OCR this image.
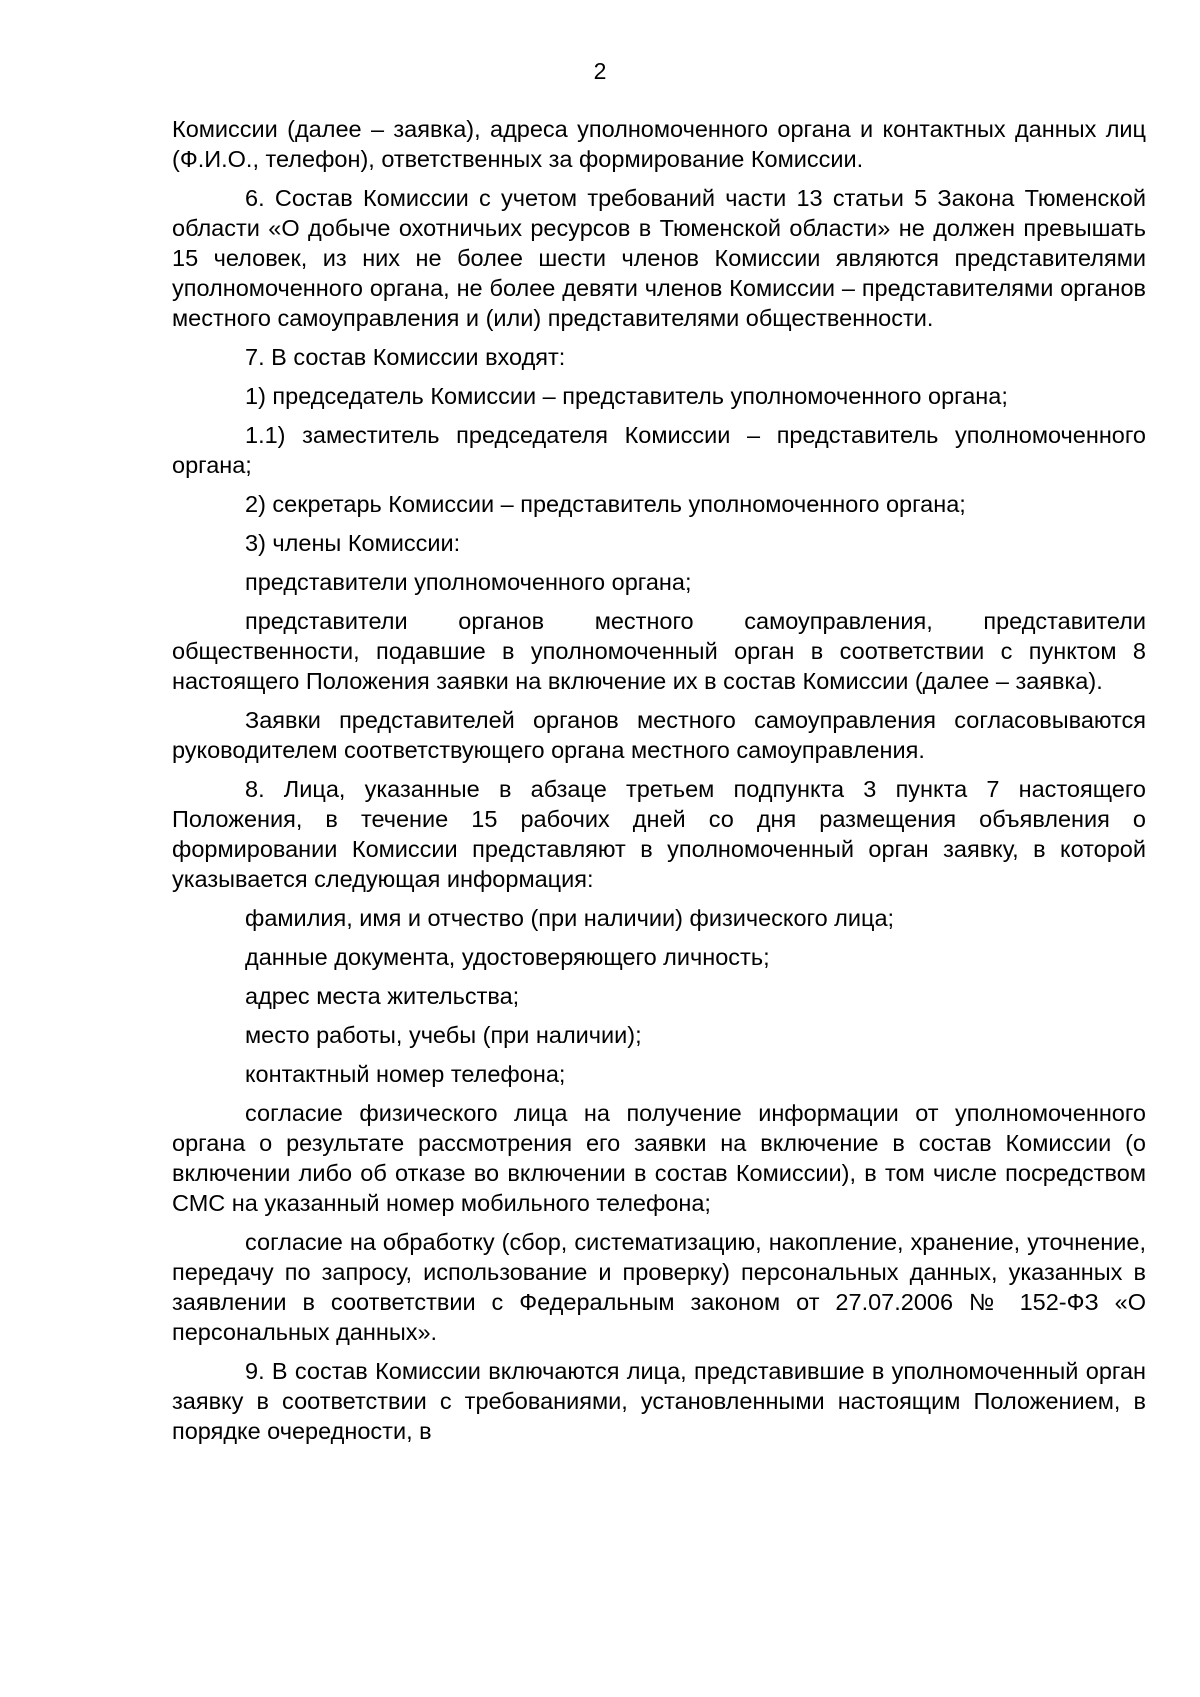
2

Комиссии (далее – заявка), адреса уполномоченного органа и контактных данных лиц (Ф.И.О., телефон), ответственных за формирование Комиссии.

6. Состав Комиссии с учетом требований части 13 статьи 5 Закона Тюменской области «О добыче охотничьих ресурсов в Тюменской области» не должен превышать 15 человек, из них не более шести членов Комиссии являются представителями уполномоченного органа, не более девяти членов Комиссии – представителями органов местного самоуправления и (или) представителями общественности.

7. В состав Комиссии входят:

1) председатель Комиссии – представитель уполномоченного органа;

1.1) заместитель председателя Комиссии – представитель уполномоченного органа;

2) секретарь Комиссии – представитель уполномоченного органа;

3) члены Комиссии:

представители уполномоченного органа;

представители органов местного самоуправления, представители общественности, подавшие в уполномоченный орган в соответствии с пунктом 8 настоящего Положения заявки на включение их в состав Комиссии (далее – заявка).

Заявки представителей органов местного самоуправления согласовываются руководителем соответствующего органа местного самоуправления.

8. Лица, указанные в абзаце третьем подпункта 3 пункта 7 настоящего Положения, в течение 15 рабочих дней со дня размещения объявления о формировании Комиссии представляют в уполномоченный орган заявку, в которой указывается следующая информация:

фамилия, имя и отчество (при наличии) физического лица;

данные документа, удостоверяющего личность;

адрес места жительства;

место работы, учебы (при наличии);

контактный номер телефона;

согласие физического лица на получение информации от уполномоченного органа о результате рассмотрения его заявки на включение в состав Комиссии (о включении либо об отказе во включении в состав Комиссии), в том числе посредством СМС на указанный номер мобильного телефона;

согласие на обработку (сбор, систематизацию, накопление, хранение, уточнение, передачу по запросу, использование и проверку) персональных данных, указанных в заявлении в соответствии с Федеральным законом от 27.07.2006 № 152-ФЗ «О персональных данных».

9. В состав Комиссии включаются лица, представившие в уполномоченный орган заявку в соответствии с требованиями, установленными настоящим Положением, в порядке очередности, в
